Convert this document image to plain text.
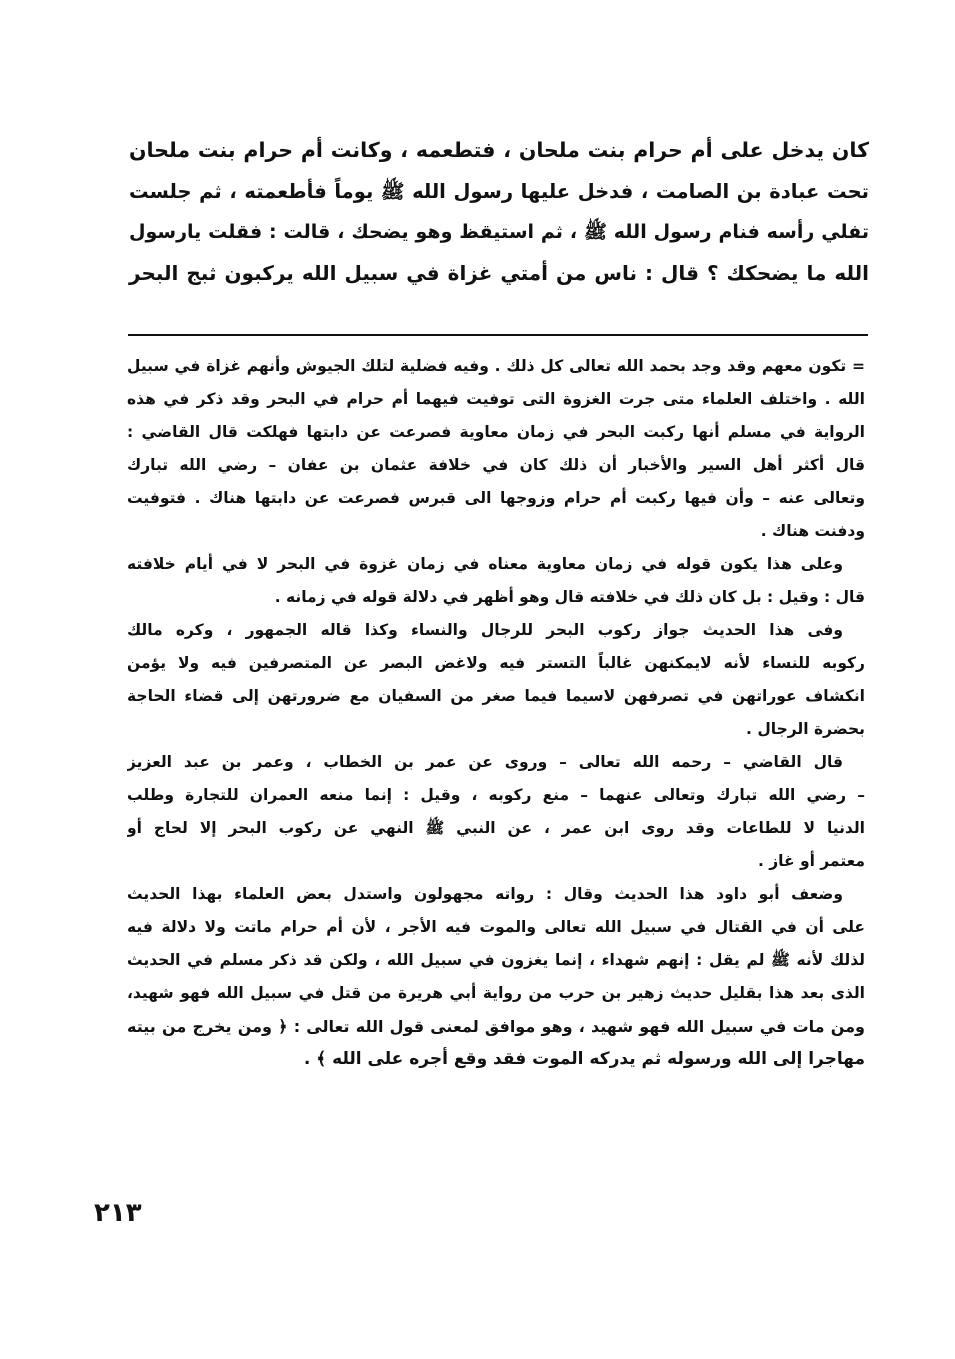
كان يدخل على أم حرام بنت ملحان ، فتطعمه ، وكانت أم حرام بنت ملحان
تحت عبادة بن الصامت ، فدخل عليها رسول الله ﷺ يوماً فأطعمته ، ثم جلست
تفلي رأسه فنام رسول الله ﷺ ، ثم استيقظ وهو يضحك ، قالت : فقلت يارسول
الله ما يضحكك ؟ قال : ناس من أمتي غزاة في سبيل الله يركبون ثبج البحر
= تكون معهم وقد وجد بحمد الله تعالى كل ذلك . وفيه فضلية لتلك الجيوش وأنهم غزاة في سبيل
الله . واختلف العلماء متى جرت الغزوة التى توفيت فيهما أم حرام في البحر وقد ذكر في هذه
الرواية في مسلم أنها ركبت البحر في زمان معاوية فصرعت عن دابتها فهلكت قال القاضي :
قال أكثر أهل السير والأخبار أن ذلك كان في خلافة عثمان بن عفان – رضي الله تبارك
وتعالى عنه – وأن فيها ركبت أم حرام وزوجها الى قبرس فصرعت عن دابتها هناك . فتوفيت
ودفنت هناك .
وعلى هذا يكون قوله في زمان معاوية معناه في زمان غزوة في البحر لا في أيام خلافته
قال : وقيل : بل كان ذلك في خلافته قال وهو أظهر في دلالة قوله في زمانه .
وفى هذا الحديث جواز ركوب البحر للرجال والنساء وكذا قاله الجمهور ، وكره مالك
ركوبه للنساء لأنه لايمكنهن غالباً التستر فيه ولاغض البصر عن المتصرفين فيه ولا يؤمن
انكشاف عوراتهن في تصرفهن لاسيما فيما صغر من السفيان مع ضرورتهن إلى قضاء الحاجة
بحضرة الرجال .
قال القاضي – رحمه الله تعالى – وروى عن عمر بن الخطاب ، وعمر بن عبد العزيز
– رضي الله تبارك وتعالى عنهما – منع ركوبه ، وقيل : إنما منعه العمران للتجارة وطلب
الدنيا لا للطاعات وقد روى ابن عمر ، عن النبي ﷺ النهي عن ركوب البحر إلا لحاج أو
معتمر أو غاز .
وضعف أبو داود هذا الحديث وقال : رواته مجهولون واستدل بعض العلماء بهذا الحديث
على أن في القتال في سبيل الله تعالى والموت فيه الأجر ، لأن أم حرام ماتت ولا دلالة فيه
لذلك لأنه ﷺ لم يقل : إنهم شهداء ، إنما يغزون في سبيل الله ، ولكن قد ذكر مسلم في الحديث
الذى بعد هذا بقليل حديث زهير بن حرب من رواية أبي هريرة من قتل في سبيل الله فهو شهيد،
ومن مات في سبيل الله فهو شهيد ، وهو موافق لمعنى قول الله تعالى : ﴿ ومن يخرج من بيته
مهاجرا إلى الله ورسوله ثم يدركه الموت فقد وقع أجره على الله ﴾ .
٢١٣
